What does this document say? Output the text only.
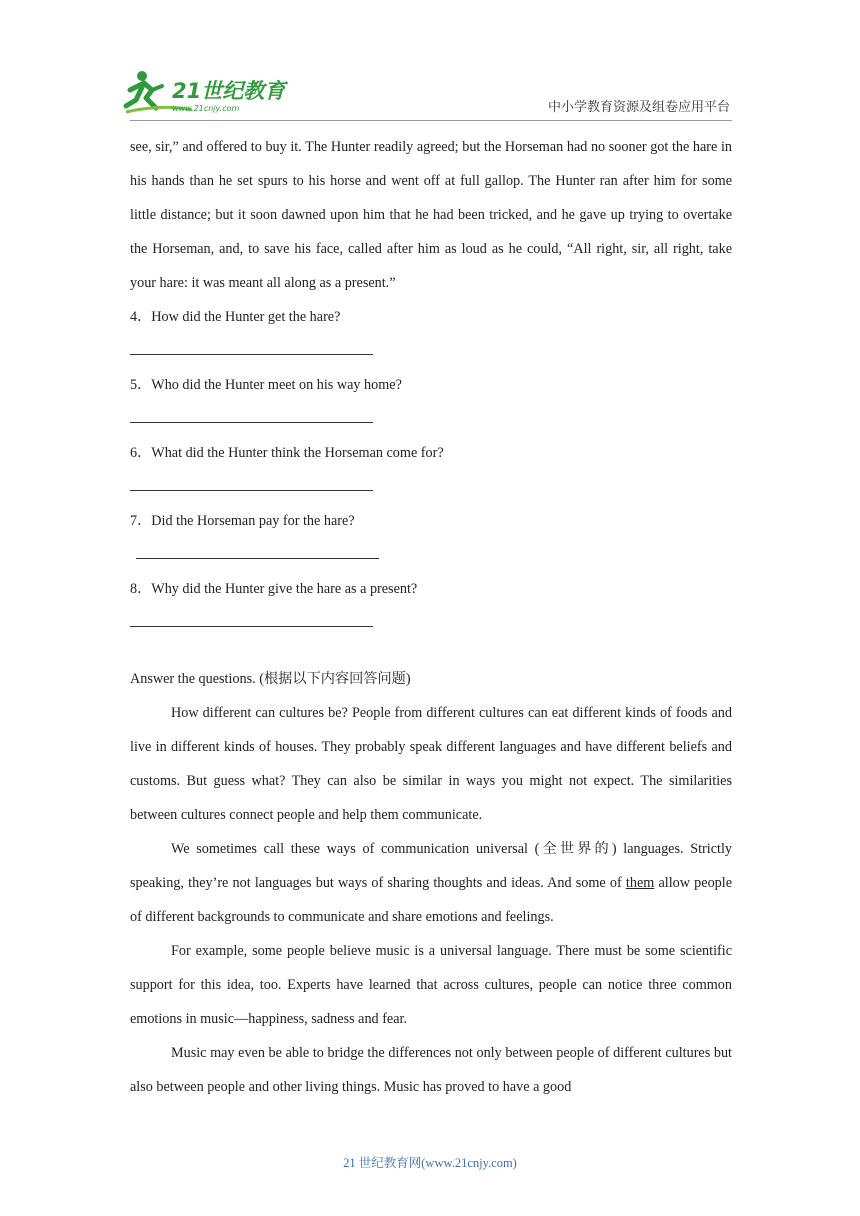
21世纪教育
www.21cnjy.com	中小学教育资源及组卷应用平台

see, sir,” and offered to buy it. The Hunter readily agreed; but the Horseman had no sooner got the hare in his hands than he set spurs to his horse and went off at full gallop. The Hunter ran after him for some little distance; but it soon dawned upon him that he had been tricked, and he gave up trying to overtake the Horseman, and, to save his face, called after him as loud as he could, “All right, sir, all right, take your hare: it was meant all along as a present.”

4．How did the Hunter get the hare?

5．Who did the Hunter meet on his way home?

6．What did the Hunter think the Horseman come for?

7．Did the Horseman pay for the hare?

8．Why did the Hunter give the hare as a present?

Answer the questions. (根据以下内容回答问题)

How different can cultures be? People from different cultures can eat different kinds of foods and live in different kinds of houses. They probably speak different languages and have different beliefs and customs. But guess what? They can also be similar in ways you might not expect. The similarities between cultures connect people and help them communicate.

We sometimes call these ways of communication universal (全世界的) languages. Strictly speaking, they’re not languages but ways of sharing thoughts and ideas. And some of them allow people of different backgrounds to communicate and share emotions and feelings.

For example, some people believe music is a universal language. There must be some scientific support for this idea, too. Experts have learned that across cultures, people can notice three common emotions in music—happiness, sadness and fear.

Music may even be able to bridge the differences not only between people of different cultures but also between people and other living things. Music has proved to have a good

21 世纪教育网(www.21cnjy.com)
